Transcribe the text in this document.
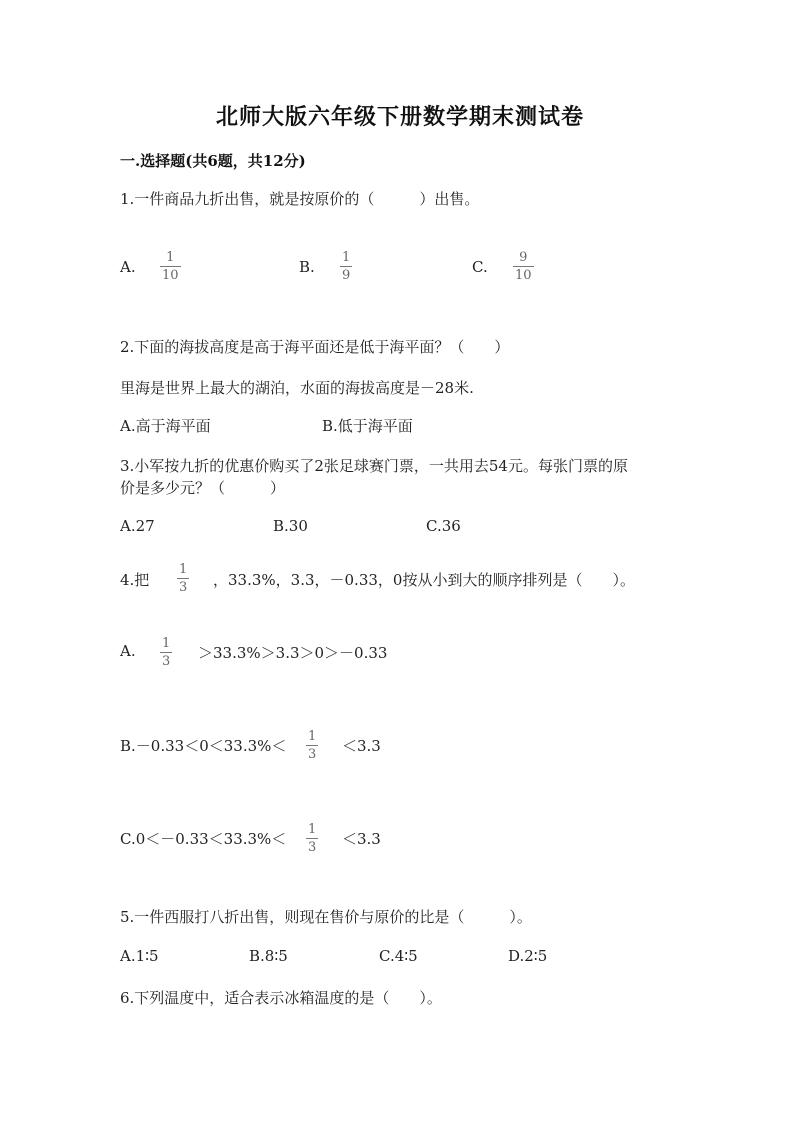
北师大版六年级下册数学期末测试卷
一.选择题(共6题，共12分)
1.一件商品九折出售，就是按原价的（　　　）出售。
A.
1
10	B.
1
9	C.
9
10
2.下面的海拔高度是高于海平面还是低于海平面？（　　）
里海是世界上最大的湖泊，水面的海拔高度是－28米.
A.高于海平面	B.低于海平面
3.小军按九折的优惠价购买了2张足球赛门票，一共用去54元。每张门票的原
价是多少元？（　　　）
A.27	B.30	C.36
4.把
1
3 ，33.3%，3.3，－0.33，0按从小到大的顺序排列是（　　）。
A. 1
3 ＞33.3%＞3.3＞0＞－0.33
B.－0.33＜0＜33.3%＜
1
3 ＜3.3
C.0＜－0.33＜33.3%＜
1
3 ＜3.3
5.一件西服打八折出售，则现在售价与原价的比是（　　　）。
A.1∶5	B.8∶5	C.4∶5	D.2∶5
6.下列温度中，适合表示冰箱温度的是（　　）。
